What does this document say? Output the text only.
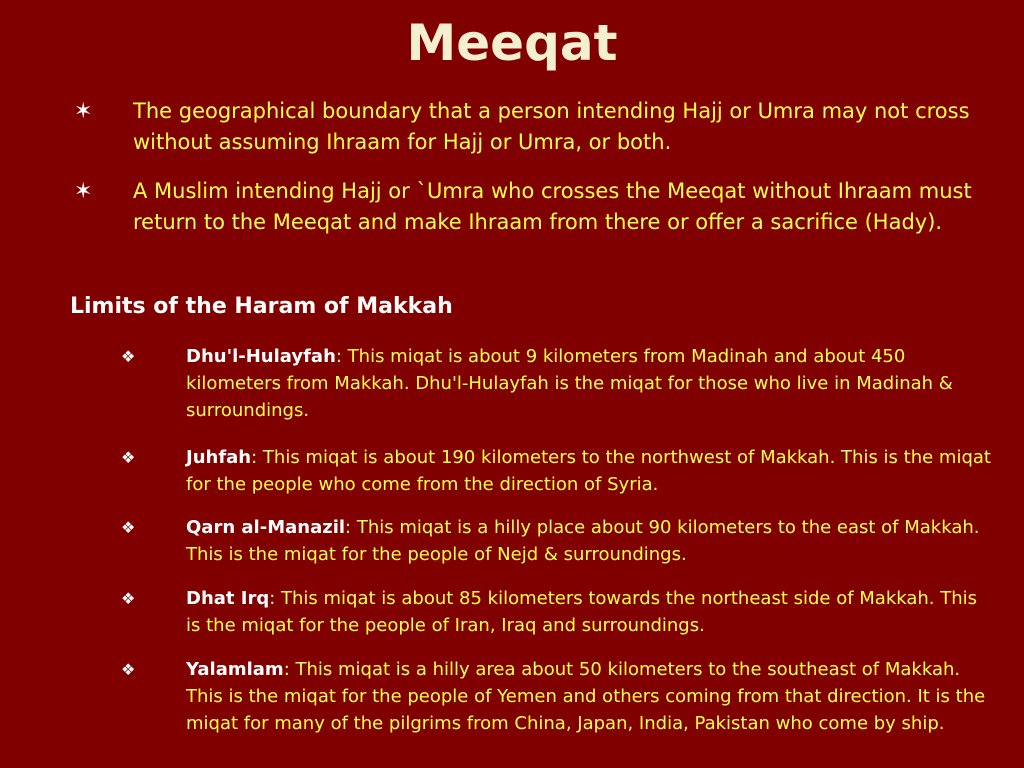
Meeqat
✶ The geographical boundary that a person intending Hajj or Umra may not cross without assuming Ihraam for Hajj or Umra, or both.
✶ A Muslim intending Hajj or `Umra who crosses the Meeqat without Ihraam must return to the Meeqat and make Ihraam from there or offer a sacrifice (Hady).
Limits of the Haram of Makkah
❖	Dhu'l-Hulayfah: This miqat is about 9 kilometers from Madinah and about 450 kilometers from Makkah. Dhu'l-Hulayfah is the miqat for those who live in Madinah & surroundings.
❖	Juhfah: This miqat is about 190 kilometers to the northwest of Makkah. This is the miqat for the people who come from the direction of Syria.
❖	Qarn al-Manazil: This miqat is a hilly place about 90 kilometers to the east of Makkah. This is the miqat for the people of Nejd & surroundings.
❖	Dhat Irq: This miqat is about 85 kilometers towards the northeast side of Makkah. This is the miqat for the people of Iran, Iraq and surroundings.
❖	Yalamlam: This miqat is a hilly area about 50 kilometers to the southeast of Makkah. This is the miqat for the people of Yemen and others coming from that direction. It is the miqat for many of the pilgrims from China, Japan, India, Pakistan who come by ship.
